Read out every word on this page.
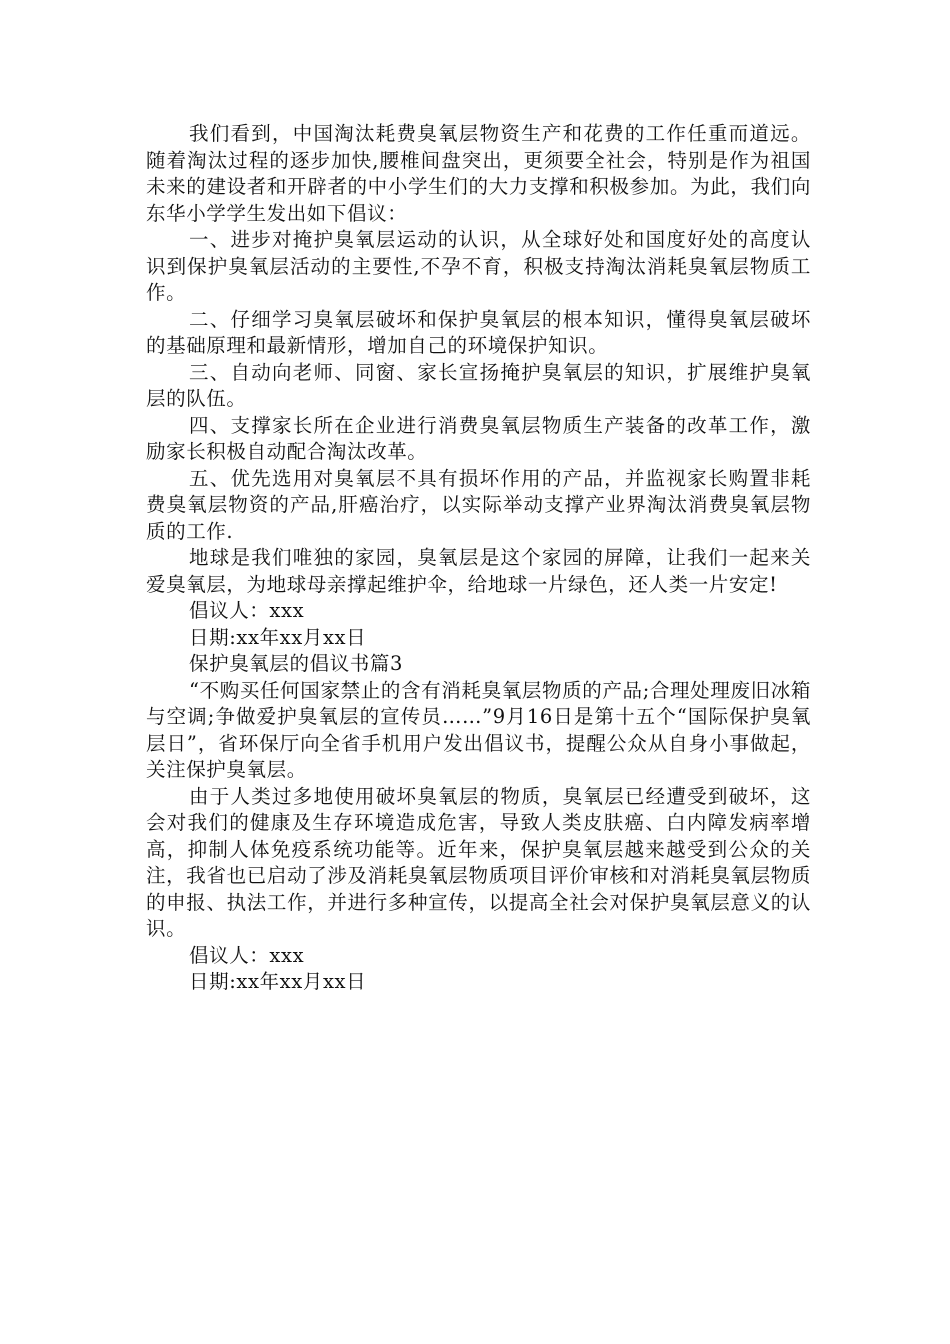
我们看到，中国淘汰耗费臭氧层物资生产和花费的工作任重而道远。随着淘汰过程的逐步加快,腰椎间盘突出，更须要全社会，特别是作为祖国未来的建设者和开辟者的中小学生们的大力支撑和积极参加。为此，我们向东华小学学生发出如下倡议：

一、进步对掩护臭氧层运动的认识，从全球好处和国度好处的高度认识到保护臭氧层活动的主要性,不孕不育，积极支持淘汰消耗臭氧层物质工作。

二、仔细学习臭氧层破坏和保护臭氧层的根本知识，懂得臭氧层破坏的基础原理和最新情形，增加自己的环境保护知识。

三、自动向老师、同窗、家长宣扬掩护臭氧层的知识，扩展维护臭氧层的队伍。

四、支撑家长所在企业进行消费臭氧层物质生产装备的改革工作，激励家长积极自动配合淘汰改革。

五、优先选用对臭氧层不具有损坏作用的产品，并监视家长购置非耗费臭氧层物资的产品,肝癌治疗，以实际举动支撑产业界淘汰消费臭氧层物质的工作.

地球是我们唯独的家园，臭氧层是这个家园的屏障，让我们一起来关爱臭氧层，为地球母亲撑起维护伞，给地球一片绿色，还人类一片安定!

倡议人：xxx

日期:xx年xx月xx日

保护臭氧层的倡议书篇3

“不购买任何国家禁止的含有消耗臭氧层物质的产品;合理处理废旧冰箱与空调;争做爱护臭氧层的宣传员……”9月16日是第十五个“国际保护臭氧层日”，省环保厅向全省手机用户发出倡议书，提醒公众从自身小事做起，关注保护臭氧层。

由于人类过多地使用破坏臭氧层的物质，臭氧层已经遭受到破坏，这会对我们的健康及生存环境造成危害，导致人类皮肤癌、白内障发病率增高，抑制人体免疫系统功能等。近年来，保护臭氧层越来越受到公众的关注，我省也已启动了涉及消耗臭氧层物质项目评价审核和对消耗臭氧层物质的申报、执法工作，并进行多种宣传，以提高全社会对保护臭氧层意义的认识。

倡议人：xxx

日期:xx年xx月xx日
